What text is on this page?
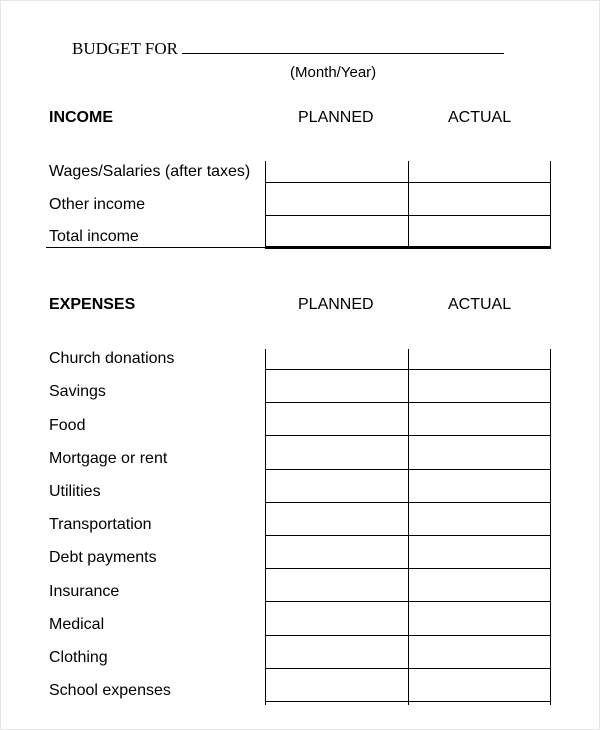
BUDGET FOR
(Month/Year)
INCOME	PLANNED	ACTUAL
Wages/Salaries (after taxes)
Other income
Total income
EXPENSES	PLANNED	ACTUAL
Church donations
Savings
Food
Mortgage or rent
Utilities
Transportation
Debt payments
Insurance
Medical
Clothing
School expenses
